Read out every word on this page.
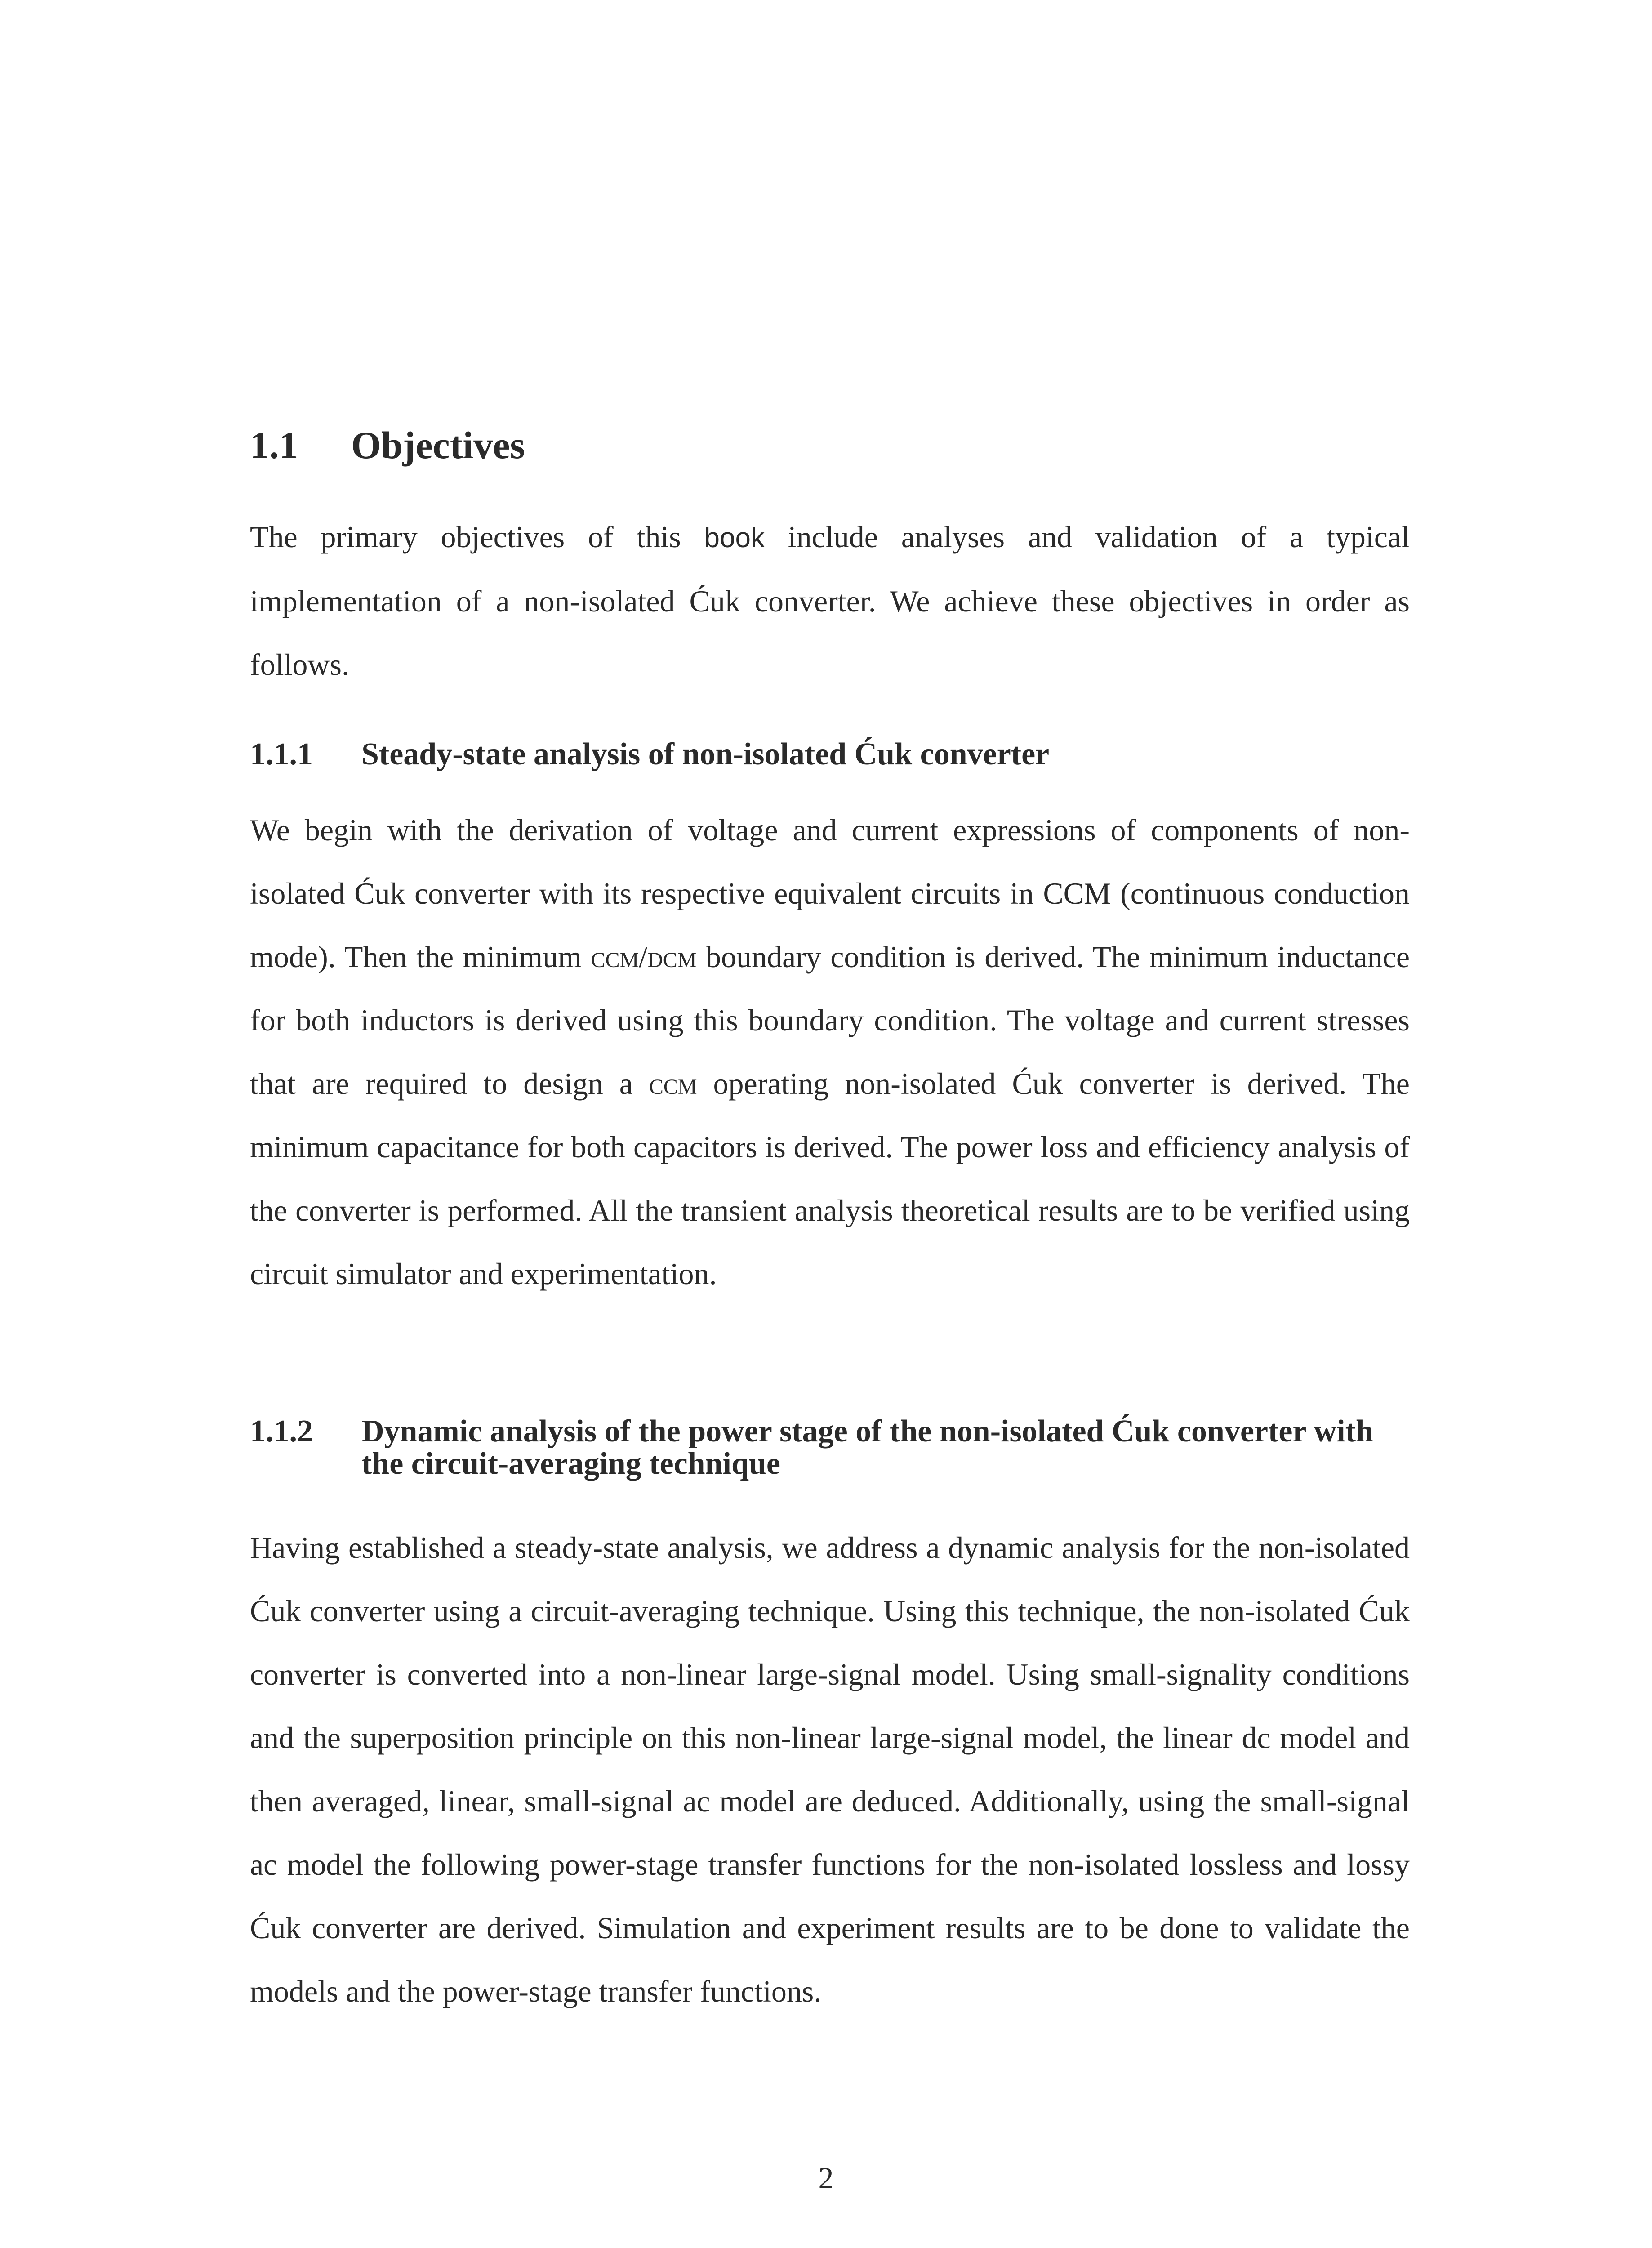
1.1 Objectives

The primary objectives of this book include analyses and validation of a typical implementation of a non-isolated Ćuk converter. We achieve these objectives in order as follows.

1.1.1 Steady-state analysis of non-isolated Ćuk converter

We begin with the derivation of voltage and current expressions of components of non-isolated Ćuk converter with its respective equivalent circuits in CCM (continuous conduction mode). Then the minimum ccm/dcm boundary condition is derived. The minimum inductance for both inductors is derived using this boundary condition. The voltage and current stresses that are required to design a ccm operating non-isolated Ćuk converter is derived. The minimum capacitance for both capacitors is derived. The power loss and efficiency analysis of the converter is performed. All the transient analysis theoretical results are to be verified using circuit simulator and experimentation.

1.1.2 Dynamic analysis of the power stage of the non-isolated Ćuk converter with the circuit-averaging technique

Having established a steady-state analysis, we address a dynamic analysis for the non-isolated Ćuk converter using a circuit-averaging technique. Using this technique, the non-isolated Ćuk converter is converted into a non-linear large-signal model. Using small-signality conditions and the superposition principle on this non-linear large-signal model, the linear dc model and then averaged, linear, small-signal ac model are deduced. Additionally, using the small-signal ac model the following power-stage transfer functions for the non-isolated lossless and lossy Ćuk converter are derived. Simulation and experiment results are to be done to validate the models and the power-stage transfer functions.

2
